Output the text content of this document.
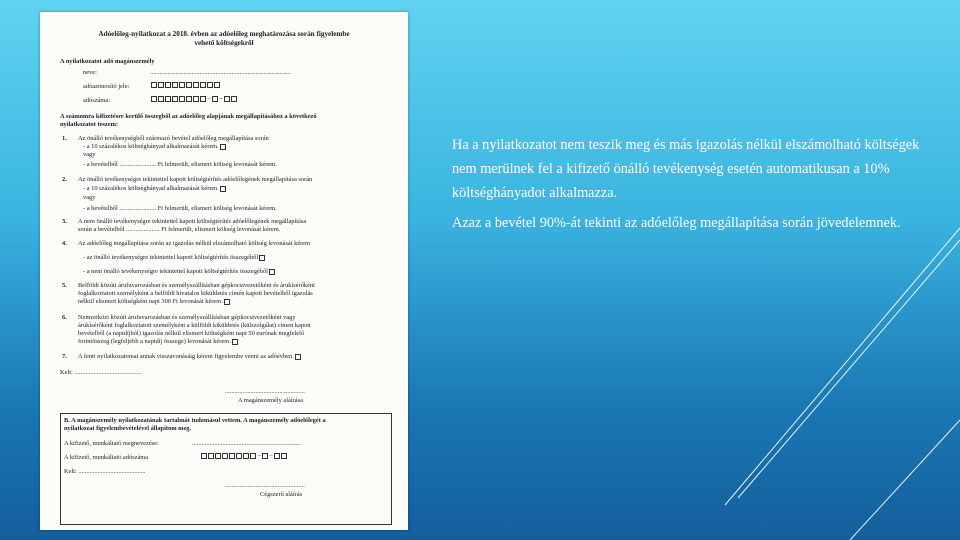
Adóelőleg-nyilatkozat a 2018. évben az adóelőleg meghatározása során figyelembe
vehető költségekről
A nyilatkozatot adó magánszemély
neve:	........................................................................................
adóazonosító jele:
adószáma:	– –
A számomra kifizetésre kerülő összegből az adóelőleg alapjának megállapításához a következő
nyilatkozatot teszem:
1. Az önálló tevékenységből származó bevétel adóelőleg megállapítása során
- a 10 százalékos költséghányad alkalmazását kérem.
vagy
- a bevételből ....................... Ft felmerült, elismert költség levonását kérem.
2. Az önálló tevékenységre tekintettel kapott költségtérítés adóelőlegének megállapítása során
- a 10 százalékos költséghányad alkalmazását kérem.
vagy
- a bevételből ....................... Ft felmerült, elismert költség levonását kérem.
3. A nem önálló tevékenységre tekintettel kapott költségtérítés adóelőlegének megállapítása
során a bevételből ..................... Ft felmerült, elismert költség levonását kérem.
4. Az adóelőleg megállapítása során az igazolás nélkül elszámolható költség levonását kérem
- az önálló tevékenységre tekintettel kapott költségtérítés összegéből
- a nem önálló tevékenységre tekintettel kapott költségtérítés összegéből
5. Belföldi közúti árufuvarozásban és személyszállításban gépkocsivezetőként és árukísérőként
foglalkoztatott személyként a belföldi hivatalos kiküldetés címén kapott bevételből igazolás
nélkül elismert költségként napi 300 Ft levonását kérem.
6. Nemzetközi közúti árufuvarozásban és személyszállításban gépkocsivezetőként vagy
árukísérőként foglalkoztatott személyként a külföldi kiküldetés (külszolgálat) címen kapott
bevételből (a napidíjból) igazolás nélkül elismert költségként napi 50 eurónak megfelelő
forintösszeg (legfeljebb a napidíj összege) levonását kérem.
7. A fenti nyilatkozatomat annak visszavonásáig kérem figyelembe venni az adóévben.
Kelt: ..........................................
..................................................
A magánszemély aláírása
B. A magánszemély nyilatkozatának tartalmát tudomásul vettem. A magánszemély adóelőlegét a
nyilatkozat figyelembevételével állapítom meg.
A kifizető, munkáltató megnevezése:	....................................................................
A kifizető, munkáltató adószáma	– –
Kelt: ..........................................
..................................................
Cégszerű aláírás

Ha a nyilatkozatot nem teszik meg és más igazolás nélkül elszámolható költségek nem merülnek fel a kifizető önálló tevékenység esetén automatikusan a 10% költséghányadot alkalmazza.

Azaz a bevétel 90%-át tekinti az adóelőleg megállapítása során jövedelemnek.
